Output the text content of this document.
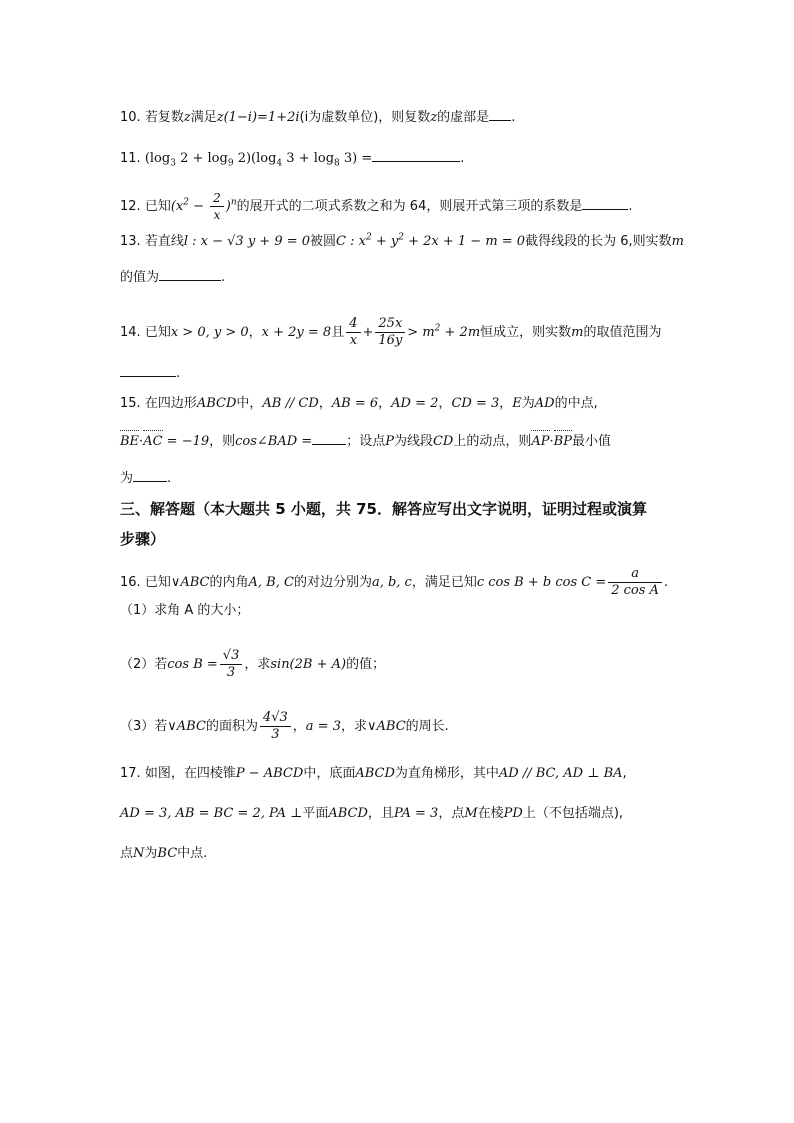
10. 若复数z满足z(1−i)=1+2i(i为虚数单位)，则复数z的虚部是 .
11. ($\log_3$ $2 + \log_9 2)(\log_4$ $3 + \log_8 3$) =	.
12. 已知$(x^2 - \frac{2}{x} )^n$的展开式的二项式系数之和为 64，则展开式第三项的系数是	.
13. 若直线l : x − √3 y + 9 = 0被圆C : $x^2 + y^2 + 2x + 1 - m = 0$截得线段的长为 6,则实数m
的值为	.
14. 已知x > 0, y > 0，x + 2y = 8且 $\frac{4}{x} + \frac{25x}{16y} > m^2 + 2m$恒成立，则实数m的取值范围为
.
15. 在四边形ABCD中，AB // CD，AB = 6，AD = 2，CD = 3，E为AD的中点,
BE·AC = −19，则cos∠BAD =	；设点P为线段CD上的动点，则AP·BP最小值
为	.
三、解答题（本大题共 5 小题，共 75．解答应写出文字说明，证明过程或演算
步骤）
16. 已知∨ABC的内角A, B, C的对边分别为a, b, c，满足已知c cos B + b $\cos C = \frac{a}{\text{2 cos A}}$ .
（1）求角 A 的大小；
（2）若$\cos B = \frac{√3}{3}$ ，求sin(2B + A)的值；
（3）若∨ABC的面积为 $\frac{4√3}{3}$ ，a = 3，求∨ABC的周长.
17. 如图，在四棱锥P − ABCD中，底面ABCD为直角梯形，其中AD // BC, AD ⊥ BA,
AD = 3, AB = BC = 2, PA ⊥平面ABCD，且PA = 3，点M在棱PD上（不包括端点),
点N为BC中点.
